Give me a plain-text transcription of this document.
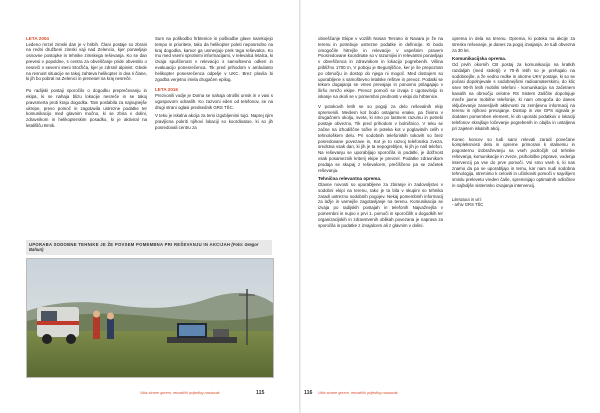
LETA 2004

Ledeno mrzel zimski dan je v hribih. Člani postaje so zbrani na redni družbeni zimski vaji nad Zelencio, kjer ponavljajo osnovne postopke in tehnike zimskega reševanja. Ko se dan prevesi v popoldne, s centra za obveščanje pride obvestilo o nesreči v severni steni Storžiča, kjer je zdrsnil alpinist. Glede na resnost situacije se takoj zahteva helikopter in dva Ii člane, ki jih bo pobral na Zelenici in prenesel na kraj nesreče.

Po radijski postaji sporočilo o dogodku preprečevanju in ekipa, ki se nahaja blizu lokacije nesreče in se takoj pravsmerta proti kraju dogodka. Tam poslabila za najnujnejše ukrepe, prevo pomoč in zagotavila ustrezne podatke ter komunikacijo med glavnim močno, ki se zbira v dolini, zdravnikom in helikopterskim posadko, ki je aktiviral na letalilšču Brnik.

Sum na poškodbo hrbtenice in poškodbe glave narekujejo tempo in prioritete, tako da helikopter poleti neposredno na kraj dogodka, kamor ga usmerjajo prek tega reševalca. Ko mu med vsemi sprotnimi informacijami, v relevalca letalca, ki izvaja spuščenost v relevacijo s samoštevno odkeri in evakuacijo ponesrečenca. Tik pred prihodom v ambulanto helikopter ponesrečenca odpelje v UKC. Brez plovila bi zgodba verjetno imela drugačen epilog.

LETA 2016

Prezvonili vodje je Doma se nahaja otroški umsk in v vasi s ugospovorn odraslih. Ko zazvoni eden od telefonov, se na drugi strani oglasi predsednik GRS TŠC.

V teku je iskalna akcija za temi izgubljenimi tujci. Naprej njim pravljicna pokriti njihovi lokaciji so koordinatoe, ki so jih posredovali centru za

UPORABA SODOBNE TEHNIKE JE ŽE POVSEM POMEMBNA PRI REŠEVANJU IN AKCIJAH (Foto: Gregor Bahun)

obveščanje Ekipe v vozilih Nosan Terrano in Navara je že na terenu in potrebuje ustrezne podatke in definicije. Ki bodo omogočile hitrejše in relevacije v uspešnim pravem Poosredovane koordinate so v razumijivi in relevantni ponavljajo v obveščenca in zdravnikom in lokacijo pogrebenih. Višina približno 1700 m, V poboju je Begunjščice, ker je še prepoznan po območju in dostop do njega ni mogoč. Med dostojem so uporabljene s samoštevno letalske rešitve in prevoz. Podatki se tekom dogajanja se vmes prevajajo in ponovno prilagajajo v širšo mrežo ekipe. Prevoz pomoči se izvaja z ugotovitvijo in iskanje na okoli se v pomembni prednosti v ekipi do hrbtenice.

V potokovih letih se so pogoji za delo reševalnih ekip spremenili. Mediem kot bodo ostajamo enake, pa živimo v drugačnem okolju, sveta, ki smo po lastnem razumu in potrebi postaje obvezno, Tik pred prihodom v bolnišnico. V teku se začne na izhodiščne točke in poteka kot v poglavitvih celih v tehnološkem delu. Pri sodobnih teleforiskih tokovih so brez posredovane povezave in, Kot je to razvoj telefonska zveza, sredstva vsak dan, ki jih je ta nepogrebljen, ki jih je naš telefon. Na reševanju se uporabljajo sporočila in podatki, je dolžnost vsak posameznik kriterij ekipe je prevzel. Podatke zdravnikom prodaja se skupaj z reševalcem, prečiščeno pa se začetek reševanja.

Tehnična relevantna oprema.

Glavne novosti so uporabljene za zbiranje in zadovoljstvo v sodobni ekipi na terenu, tako je ta bila v skupini so tehnika zaradi ustrezno sodobnih pogojev. Nekaj pomembnih informacij za lažje in varnejše zagotavljanje na terenu. Komunikacija se izvaja po radijskih postajah in telefonih Najvažnejša v pomembni in nujno v prvi 1. pomoči in sporočilih o dogodkih ter organizacijskih in zdravstvenih oblikah povezana je naprava za sporočila in podatke z izvajalcem ali z glavnim v dolini.

oprema in dela na terenu. Oprema, ki poteka na akcije za stresko reševanje, je danes za pogoj izvajanja. Je tudi obvezna za 30 let.

Komunikacijska oprema.

Od prvih okornih CB postaj za komunikacijo na kratkih razdaljah (med stoletji) v 70-ih letih so je prehajalo na sodobnejše, a že vedno redke in okorne UKV postaje, ki so se počasi dopolnjevale s sodobnejšimi radioamaterskimi, do klic ssev 90-ih letih mobilni telefoni - komunikacija na začetnem kanalih na območju celotne RS Sistem Zaščite dopolnjuje mreže javne mobilne telefonije, ki nam omogoča do danes vključevanje zanesljivih aktivnosti za zemljevno informacij na terenu in njihovo prevajanje. Dostop in vse GPS signala je dodaten pomemben element, ki ob uporabi podatkov o lokaciji telefonov skrajšuje ločevanje pogrebenih in olajša in ustaljena pri zajetem iskalnih akcij.

Konec koncev so tudi sami relevali zaradi povečane kompleksnosti dela in opreme primorani k stalnemu in pogosternu izobraževanju na vseh področjih od tehnike reševanja, komunikacije in zveze, psihološke priprave, vodenja intervencij pa vse do prve pomoči. Vsi smo vseh ti, ki nas znamo da pa se uporabljajo in temu, kar nam nudi sodobna tehnologija, stremimo k celoviti in učinkoviti pomoči v najvišjem smislu prelevetu vreden čaše, spreminjajo optimalnih odločitev in najboljše sistemsko izvajanja intervencij.

Literatura in viri:
- arhiv GRS TŠC
Vida strane gorem, tematički prijedlog nastavak	115	116 Vida strane gorem, tematički prijedlog nastavak
